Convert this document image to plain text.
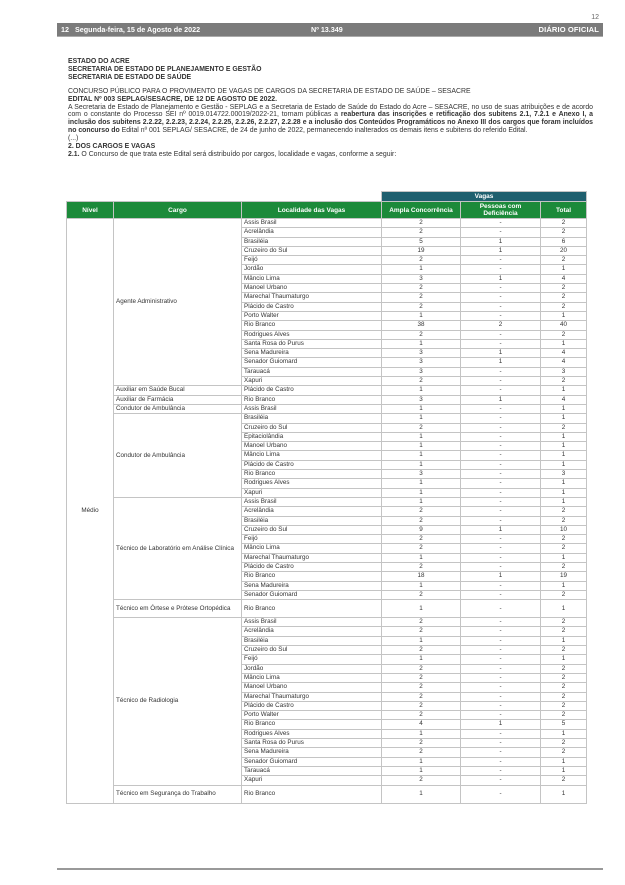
12
12 Segunda-feira, 15 de Agosto de 2022	Nº 13.349	DIÁRIO OFICIAL

ESTADO DO ACRE

SECRETARIA DE ESTADO DE PLANEJAMENTO E GESTÃO

SECRETARIA DE ESTADO DE SAÚDE

CONCURSO PÚBLICO PARA O PROVIMENTO DE VAGAS DE CARGOS DA SECRETARIA DE ESTADO DE SAÚDE – SESACRE

EDITAL Nº 003 SEPLAG/SESACRE, DE 12 DE AGOSTO DE 2022.

A Secretaria de Estado de Planejamento e Gestão - SEPLAG e a Secretaria de Estado de Saúde do Estado do Acre – SESACRE, no uso de suas atribuições e de acordo com o constante do Processo SEI nº 0019.014722.00019/2022-21, tornam públicas a reabertura das inscrições e retificação dos subitens 2.1, 7.2.1 e Anexo I, a inclusão dos subitens 2.2.22, 2.2.23, 2.2.24, 2.2.25, 2.2.26, 2.2.27, 2.2.28 e a inclusão dos Conteúdos Programáticos no Anexo III dos cargos que foram incluídos no concurso do Edital nº 001 SEPLAG/ SESACRE, de 24 de junho de 2022, permanecendo inalterados os demais itens e subitens do referido Edital.

(...)

2. DOS CARGOS E VAGAS

2.1. O Concurso de que trata este Edital será distribuído por cargos, localidade e vagas, conforme a seguir:

			Vagas		
Nível	Cargo	Localidade das Vagas	Ampla Concorrência	Pessoas com Deficiência	Total
Médio	Agente Administrativo	Assis Brasil	2	-	2
		Acrelândia	2	-	2
		Brasiléia	5	1	6
		Cruzeiro do Sul	19	1	20
		Feijó	2	-	2
		Jordão	1	-	1
		Mâncio Lima	3	1	4
		Manoel Urbano	2	-	2
		Marechal Thaumaturgo	2	-	2
		Plácido de Castro	2	-	2
		Porto Walter	1	-	1
		Rio Branco	38	2	40
		Rodrigues Alves	2	-	2
		Santa Rosa do Purus	1	-	1
		Sena Madureira	3	1	4
		Senador Guiomard	3	1	4
		Tarauacá	3	-	3
		Xapuri	2	-	2
	Auxiliar em Saúde Bucal	Plácido de Castro	1	-	1
	Auxiliar de Farmácia	Rio Branco	3	1	4
	Condutor de Ambulância	Assis Brasil	1	-	1
	Condutor de Ambulância	Brasiléia	1	-	1
		Cruzeiro do Sul	2	-	2
		Epitaciolândia	1	-	1
		Manoel Urbano	1	-	1
		Mâncio Lima	1	-	1
		Plácido de Castro	1	-	1
		Rio Branco	3	-	3
		Rodrigues Alves	1	-	1
		Xapuri	1	-	1
	Técnico de Laboratório em Análise Clínica	Assis Brasil	1	-	1
		Acrelândia	2	-	2
		Brasiléia	2	-	2
		Cruzeiro do Sul	9	1	10
		Feijó	2	-	2
		Mâncio Lima	2	-	2
		Marechal Thaumaturgo	1	-	1
		Plácido de Castro	2	-	2
		Rio Branco	18	1	19
		Sena Madureira	1	-	1
		Senador Guiomard	2	-	2
	Técnico em Órtese e Prótese Ortopédica	Rio Branco	1	-	1
	Técnico de Radiologia	Assis Brasil	2	-	2
		Acrelândia	2	-	2
		Brasiléia	1	-	1
		Cruzeiro do Sul	2	-	2
		Feijó	1	-	1
		Jordão	2	-	2
		Mâncio Lima	2	-	2
		Manoel Urbano	2	-	2
		Marechal Thaumaturgo	2	-	2
		Plácido de Castro	2	-	2
		Porto Walter	2	-	2
		Rio Branco	4	1	5
		Rodrigues Alves	1	-	1
		Santa Rosa do Purus	2	-	2
		Sena Madureira	2	-	2
		Senador Guiomard	1	-	1
		Tarauacá	1	-	1
		Xapuri	2	-	2
	Técnico em Segurança do Trabalho	Rio Branco	1	-	1
